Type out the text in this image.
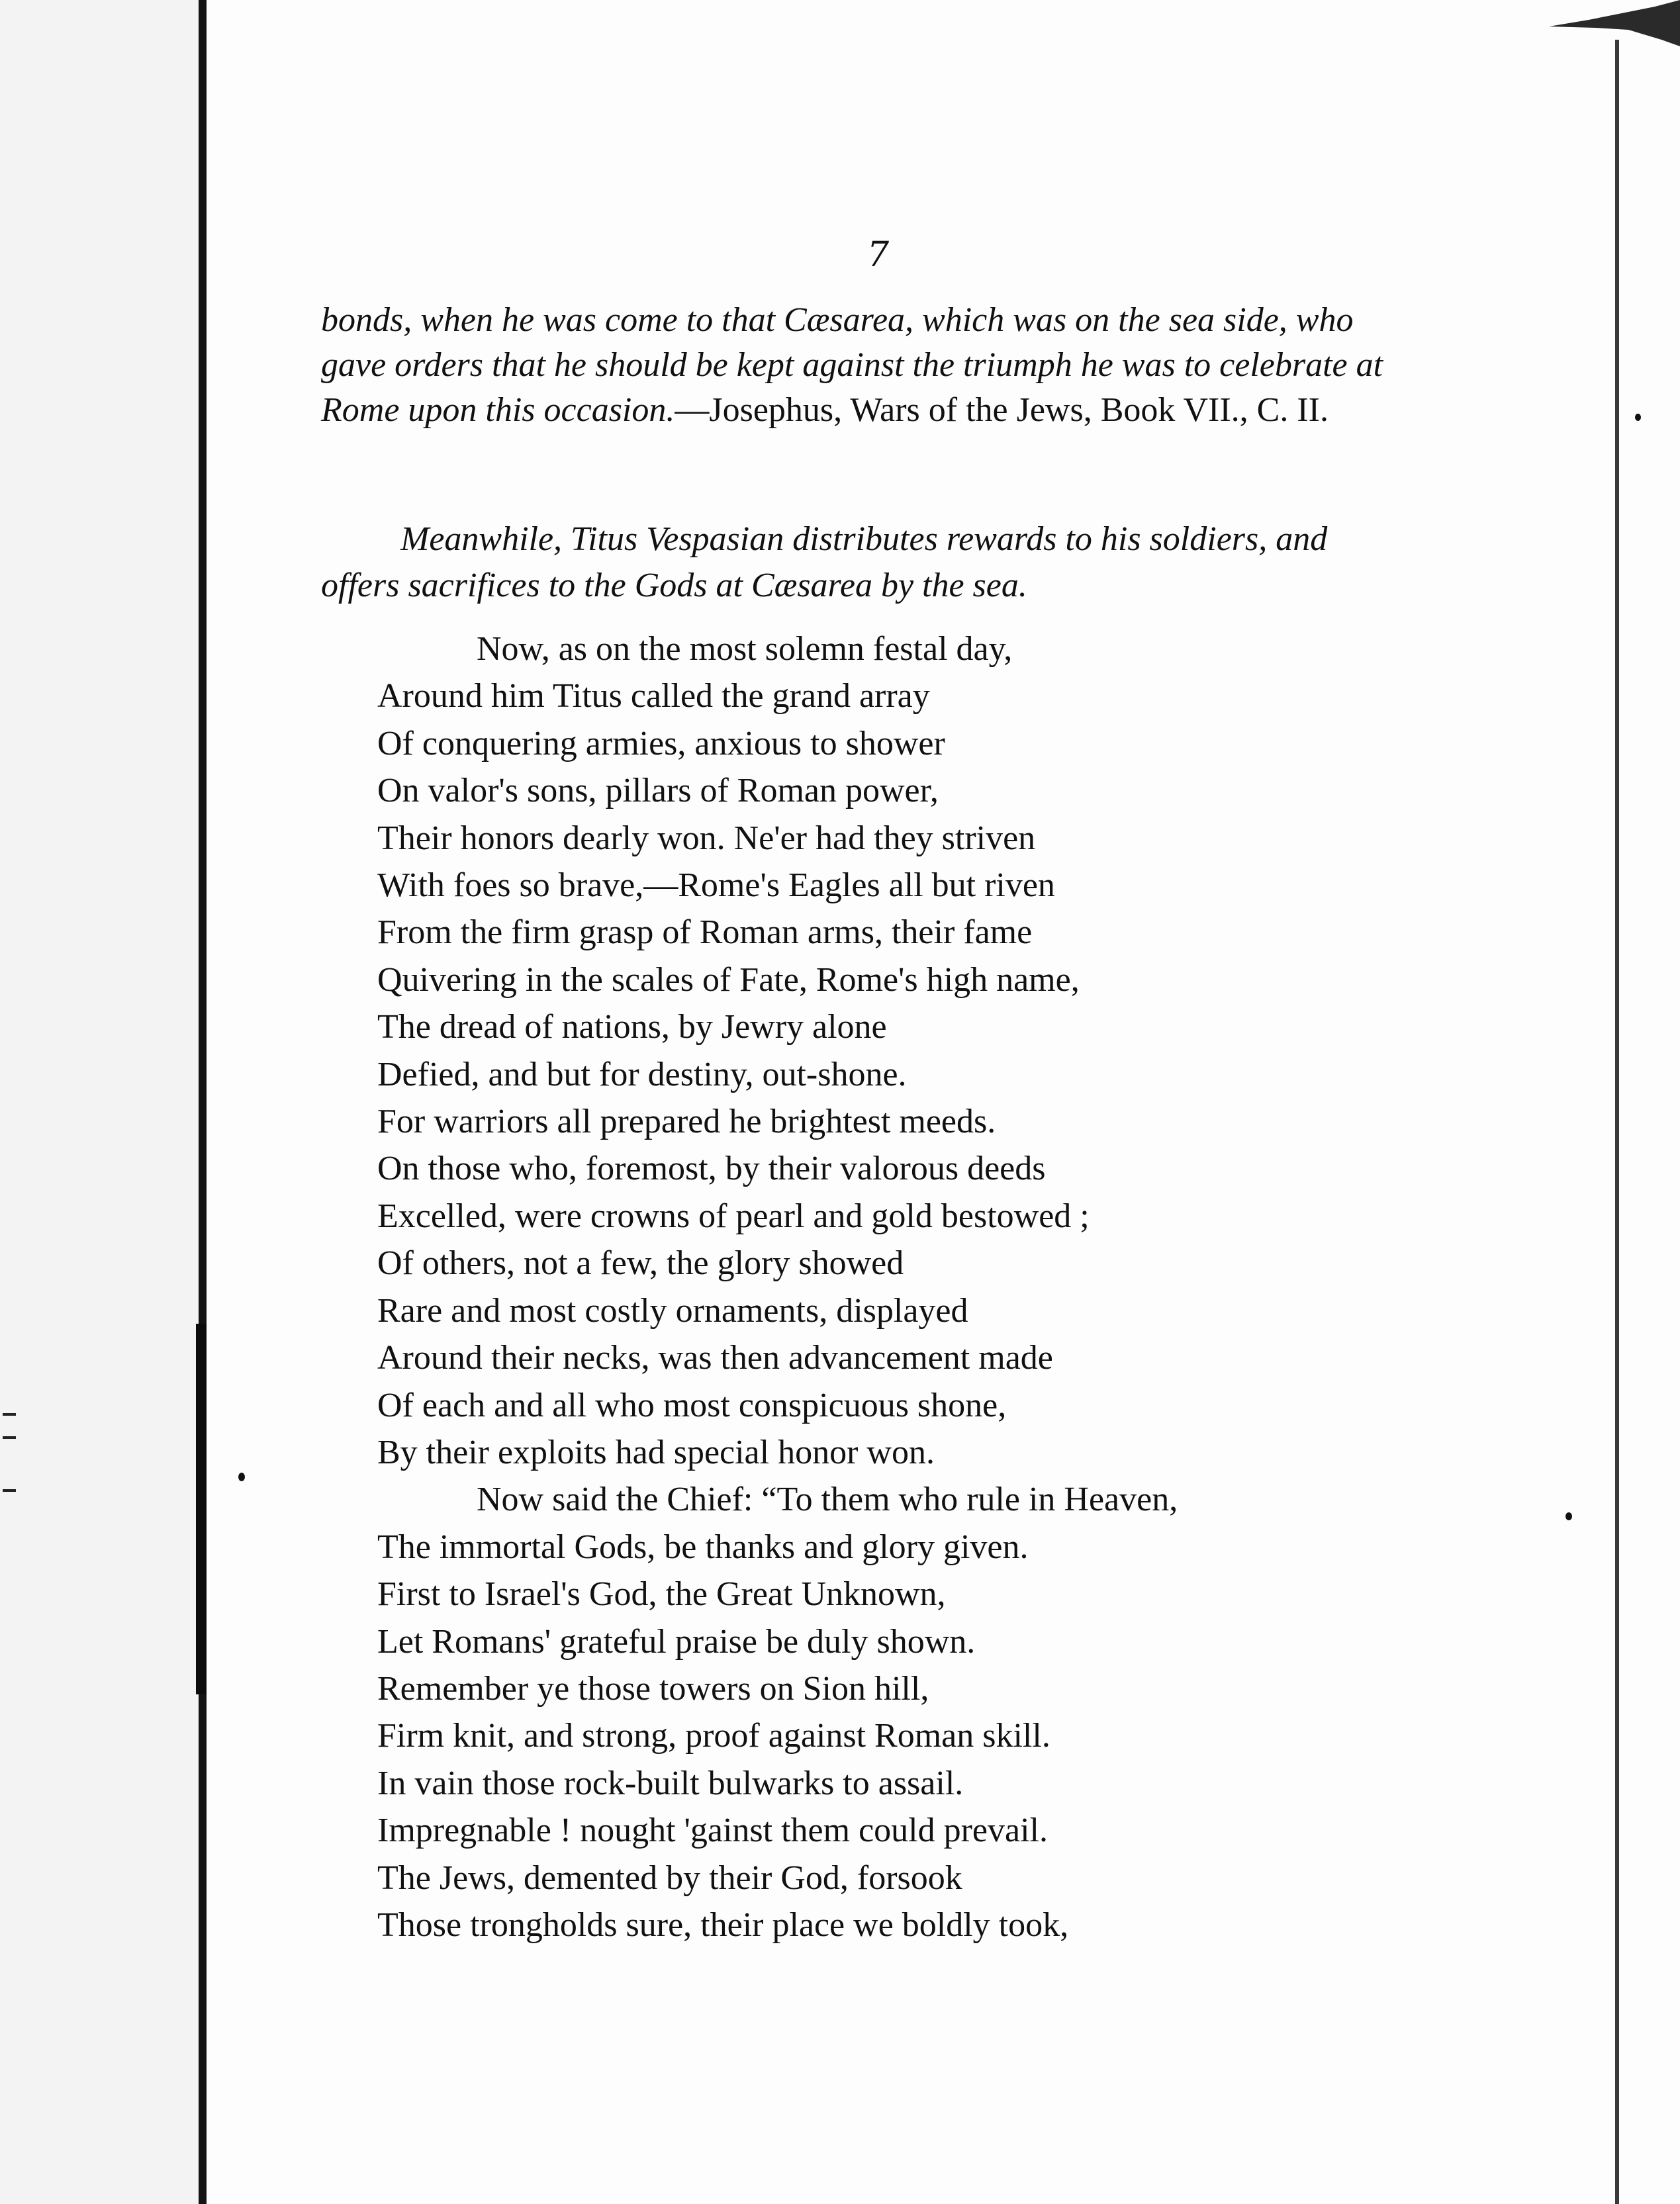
7
bonds, when he was come to that Cæsarea, which was on the sea side, who gave orders that he should be kept against the triumph he was to celebrate at Rome upon this occasion.—Josephus, Wars of the Jews, Book VII., C. II.
Meanwhile, Titus Vespasian distributes rewards to his soldiers, and
offers sacrifices to the Gods at Cæsarea by the sea.
Now, as on the most solemn festal day,
Around him Titus called the grand array
Of conquering armies, anxious to shower
On valor's sons, pillars of Roman power,
Their honors dearly won. Ne'er had they striven
With foes so brave,—Rome's Eagles all but riven
From the firm grasp of Roman arms, their fame
Quivering in the scales of Fate, Rome's high name,
The dread of nations, by Jewry alone
Defied, and but for destiny, out-shone.
For warriors all prepared he brightest meeds.
On those who, foremost, by their valorous deeds
Excelled, were crowns of pearl and gold bestowed ;
Of others, not a few, the glory showed
Rare and most costly ornaments, displayed
Around their necks, was then advancement made
Of each and all who most conspicuous shone,
By their exploits had special honor won.
Now said the Chief: “To them who rule in Heaven,
The immortal Gods, be thanks and glory given.
First to Israel's God, the Great Unknown,
Let Romans' grateful praise be duly shown.
Remember ye those towers on Sion hill,
Firm knit, and strong, proof against Roman skill.
In vain those rock-built bulwarks to assail.
Impregnable ! nought 'gainst them could prevail.
The Jews, demented by their God, forsook
Those trongholds sure, their place we boldly took,
